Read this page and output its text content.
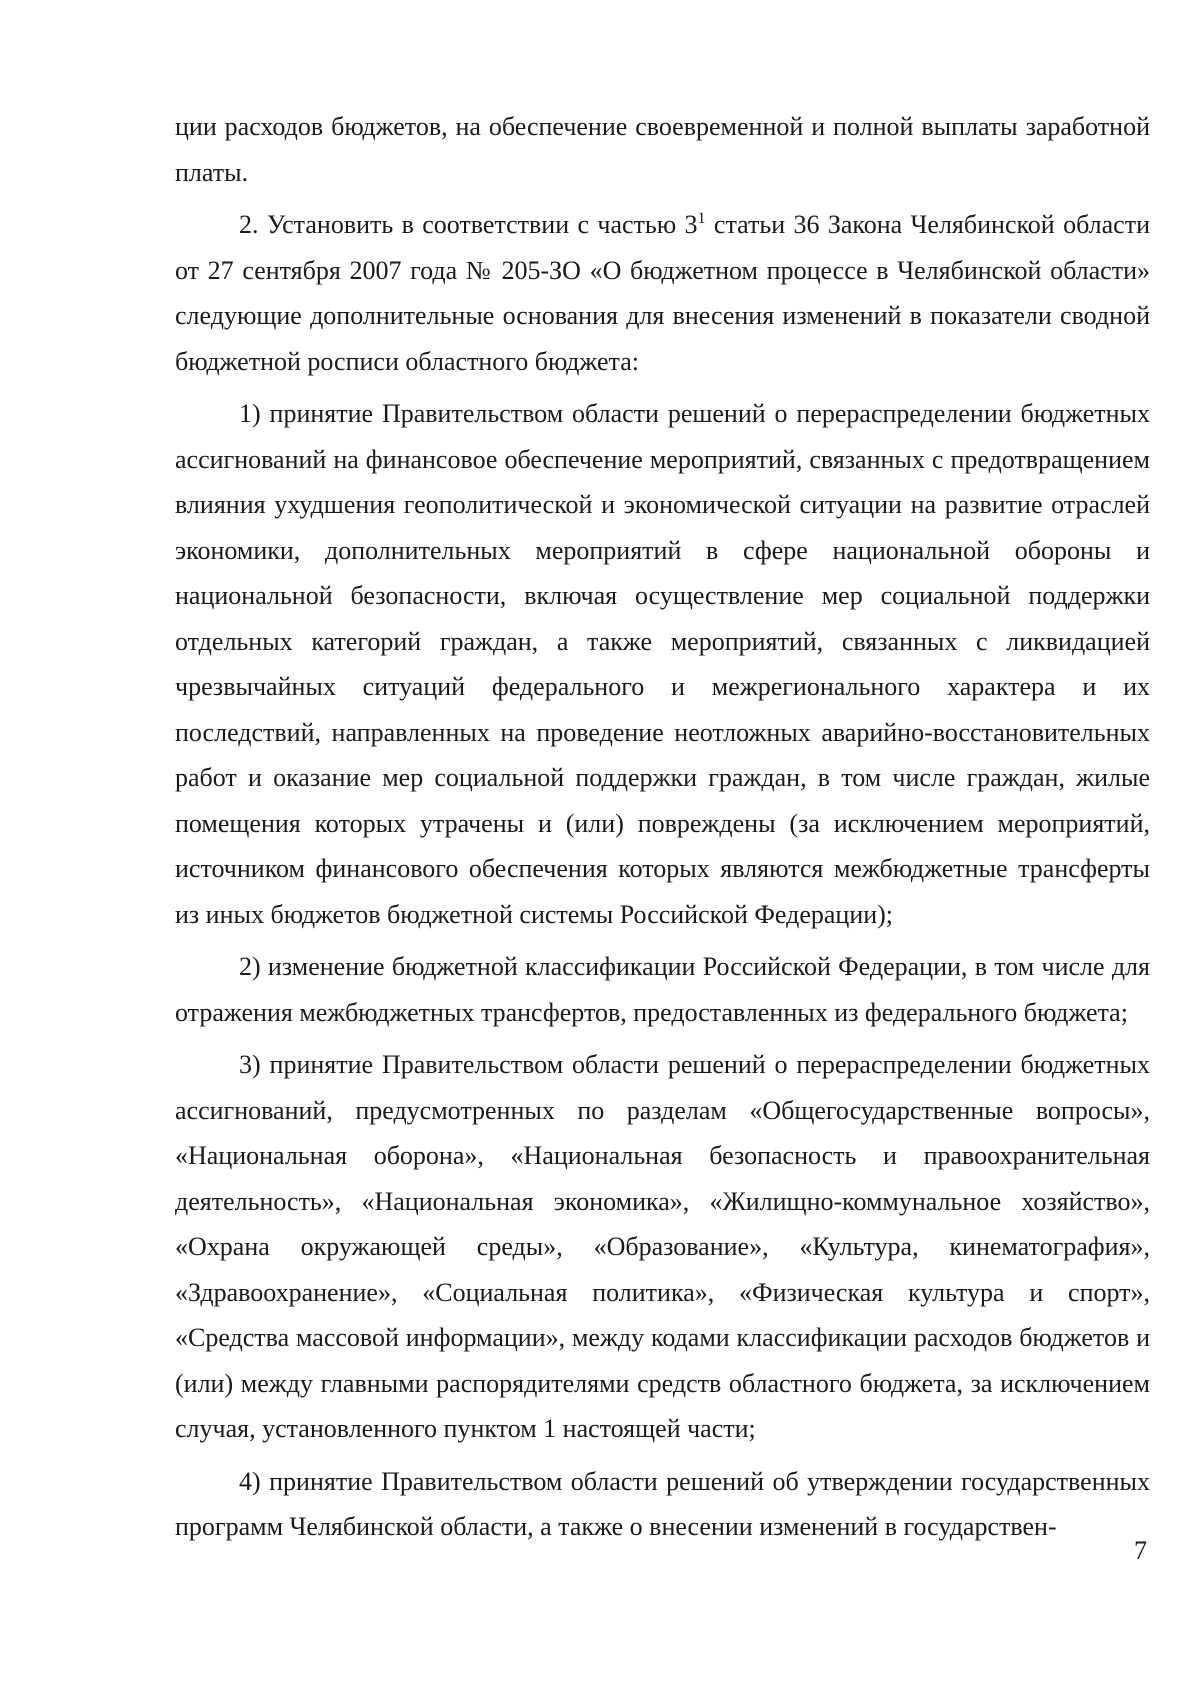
ции расходов бюджетов, на обеспечение своевременной и полной выплаты заработной платы.

2. Установить в соответствии с частью $3^1$ статьи 36 Закона Челябинской области от 27 сентября 2007 года № 205-ЗО «О бюджетном процессе в Челябинской области» следующие дополнительные основания для внесения изменений в показатели сводной бюджетной росписи областного бюджета:

1) принятие Правительством области решений о перераспределении бюджетных ассигнований на финансовое обеспечение мероприятий, связанных с предотвращением влияния ухудшения геополитической и экономической ситуации на развитие отраслей экономики, дополнительных мероприятий в сфере национальной обороны и национальной безопасности, включая осуществление мер социальной поддержки отдельных категорий граждан, а также мероприятий, связанных с ликвидацией чрезвычайных ситуаций федерального и межрегионального характера и их последствий, направленных на проведение неотложных аварийно-восстановительных работ и оказание мер социальной поддержки граждан, в том числе граждан, жилые помещения которых утрачены и (или) повреждены (за исключением мероприятий, источником финансового обеспечения которых являются межбюджетные трансферты из иных бюджетов бюджетной системы Российской Федерации);

2) изменение бюджетной классификации Российской Федерации, в том числе для отражения межбюджетных трансфертов, предоставленных из федерального бюджета;

3) принятие Правительством области решений о перераспределении бюджетных ассигнований, предусмотренных по разделам «Общегосударственные вопросы», «Национальная оборона», «Национальная безопасность и правоохранительная деятельность», «Национальная экономика», «Жилищно-коммунальное хозяйство», «Охрана окружающей среды», «Образование», «Культура, кинематография», «Здравоохранение», «Социальная политика», «Физическая культура и спорт», «Средства массовой информации», между кодами классификации расходов бюджетов и (или) между главными распорядителями средств областного бюджета, за исключением случая, установленного пунктом 1 настоящей части;

4) принятие Правительством области решений об утверждении государственных программ Челябинской области, а также о внесении изменений в государствен-

7
